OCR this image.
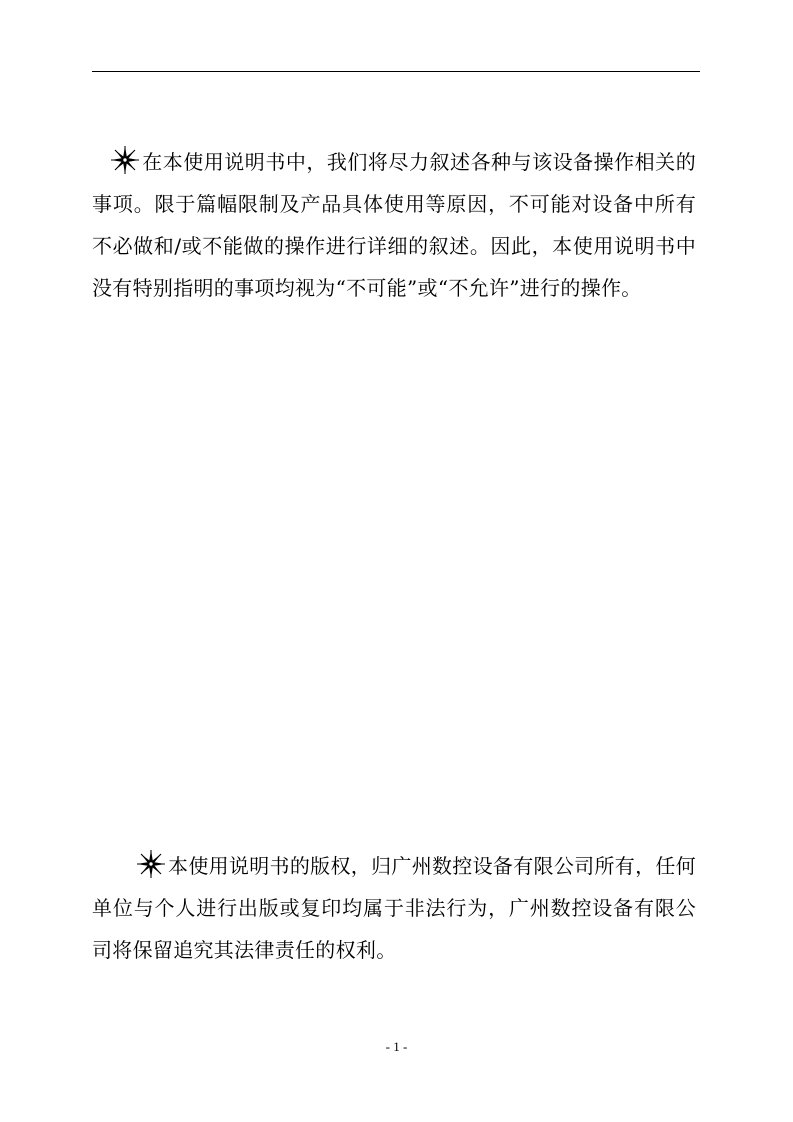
在本使用说明书中，我们将尽力叙述各种与该设备操作相关的事项。限于篇幅限制及产品具体使用等原因，不可能对设备中所有不必做和/或不能做的操作进行详细的叙述。因此，本使用说明书中没有特别指明的事项均视为“不可能”或“不允许”进行的操作。

本使用说明书的版权，归广州数控设备有限公司所有，任何单位与个人进行出版或复印均属于非法行为，广州数控设备有限公司将保留追究其法律责任的权利。

- 1 -
